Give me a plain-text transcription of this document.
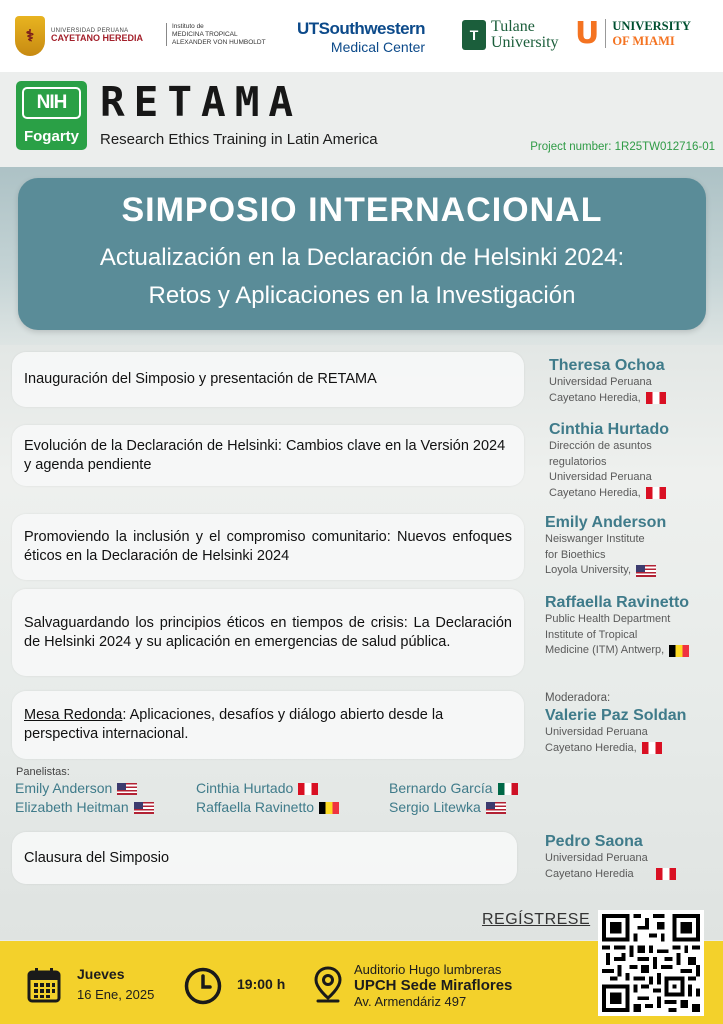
⚕	UNIVERSIDAD PERUANA
CAYETANO HEREDIA
Instituto de
MEDICINA TROPICAL
ALEXANDER VON HUMBOLDT
UTSouthwestern
Medical Center
T Tulane
University U UNIVERSITY
OF MIAMI
NIH
Fogarty
RETAMA
Research Ethics Training in Latin America	Project number: 1R25TW012716-01
SIMPOSIO INTERNACIONAL
Actualización en la Declaración de Helsinki 2024:
Retos y Aplicaciones en la Investigación
Inauguración del Simposio y presentación de RETAMA
Theresa Ochoa
Universidad Peruana
Cayetano Heredia,
Evolución de la Declaración de Helsinki: Cambios clave en la Versión 2024 y agenda pendiente
Cinthia Hurtado
Dirección de asuntos
regulatorios
Universidad Peruana
Cayetano Heredia,
Promoviendo la inclusión y el compromiso comunitario: Nuevos enfoques éticos en la Declaración de Helsinki 2024
Emily Anderson
Neiswanger Institute
for Bioethics
Loyola University,
Salvaguardando los principios éticos en tiempos de crisis: La Declaración de Helsinki 2024 y su aplicación en emergencias de salud pública.
Raffaella Ravinetto
Public Health Department
Institute of Tropical
Medicine (ITM) Antwerp,
Mesa Redonda: Aplicaciones, desafíos y diálogo abierto desde la perspectiva internacional.
Moderadora:
Valerie Paz Soldan
Universidad Peruana
Cayetano Heredia,
Panelistas:
Emily Anderson
Elizabeth Heitman
Cinthia Hurtado
Raffaella Ravinetto
Bernardo García
Sergio Litewka
Clausura del Simposio
Pedro Saona
Universidad Peruana
Cayetano Heredia
REGÍSTRESE
Jueves
16 Ene, 2025
19:00 h
Auditorio Hugo lumbreras
UPCH Sede Miraflores
Av. Armendáriz 497
